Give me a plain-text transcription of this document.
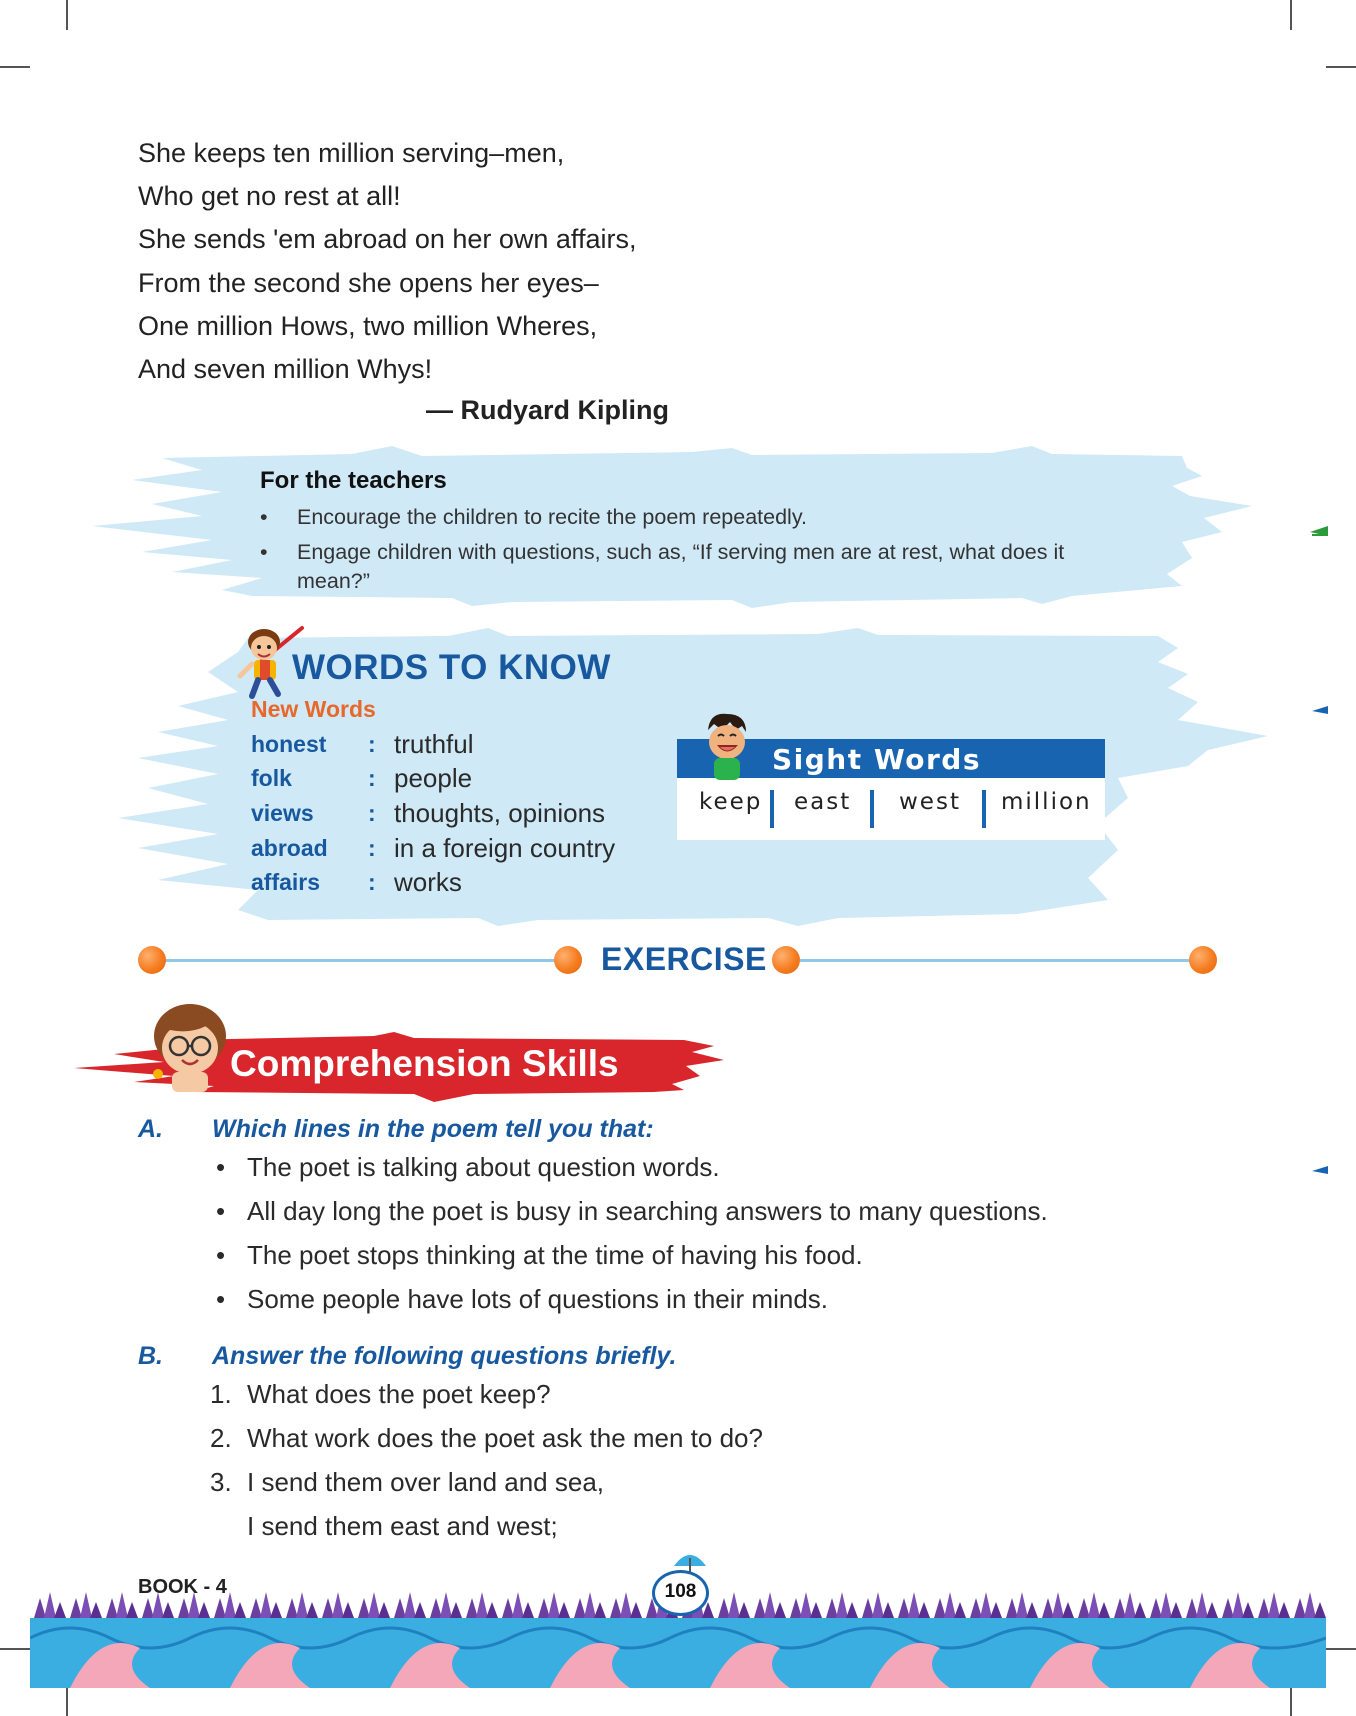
She keeps ten million serving–men,
Who get no rest at all!
She sends 'em abroad on her own affairs,
From the second she opens her eyes–
One million Hows, two million Wheres,
And seven million Whys!
— Rudyard Kipling
For the teachers
• Encourage the children to recite the poem repeatedly.
• Engage children with questions, such as, “If serving men are at rest, what does it mean?”
WORDS TO KNOW
New Words
honest	: truthful
folk	: people
views	: thoughts, opinions
abroad	: in a foreign country
affairs	: works
Sight Words
keep east west million
EXERCISE
Comprehension Skills
A. Which lines in the poem tell you that:
• The poet is talking about question words.
• All day long the poet is busy in searching answers to many questions.
• The poet stops thinking at the time of having his food.
• Some people have lots of questions in their minds.
B. Answer the following questions briefly.
1. What does the poet keep?
2. What work does the poet ask the men to do?
3. I send them over land and sea,
I send them east and west;
BOOK - 4	108
